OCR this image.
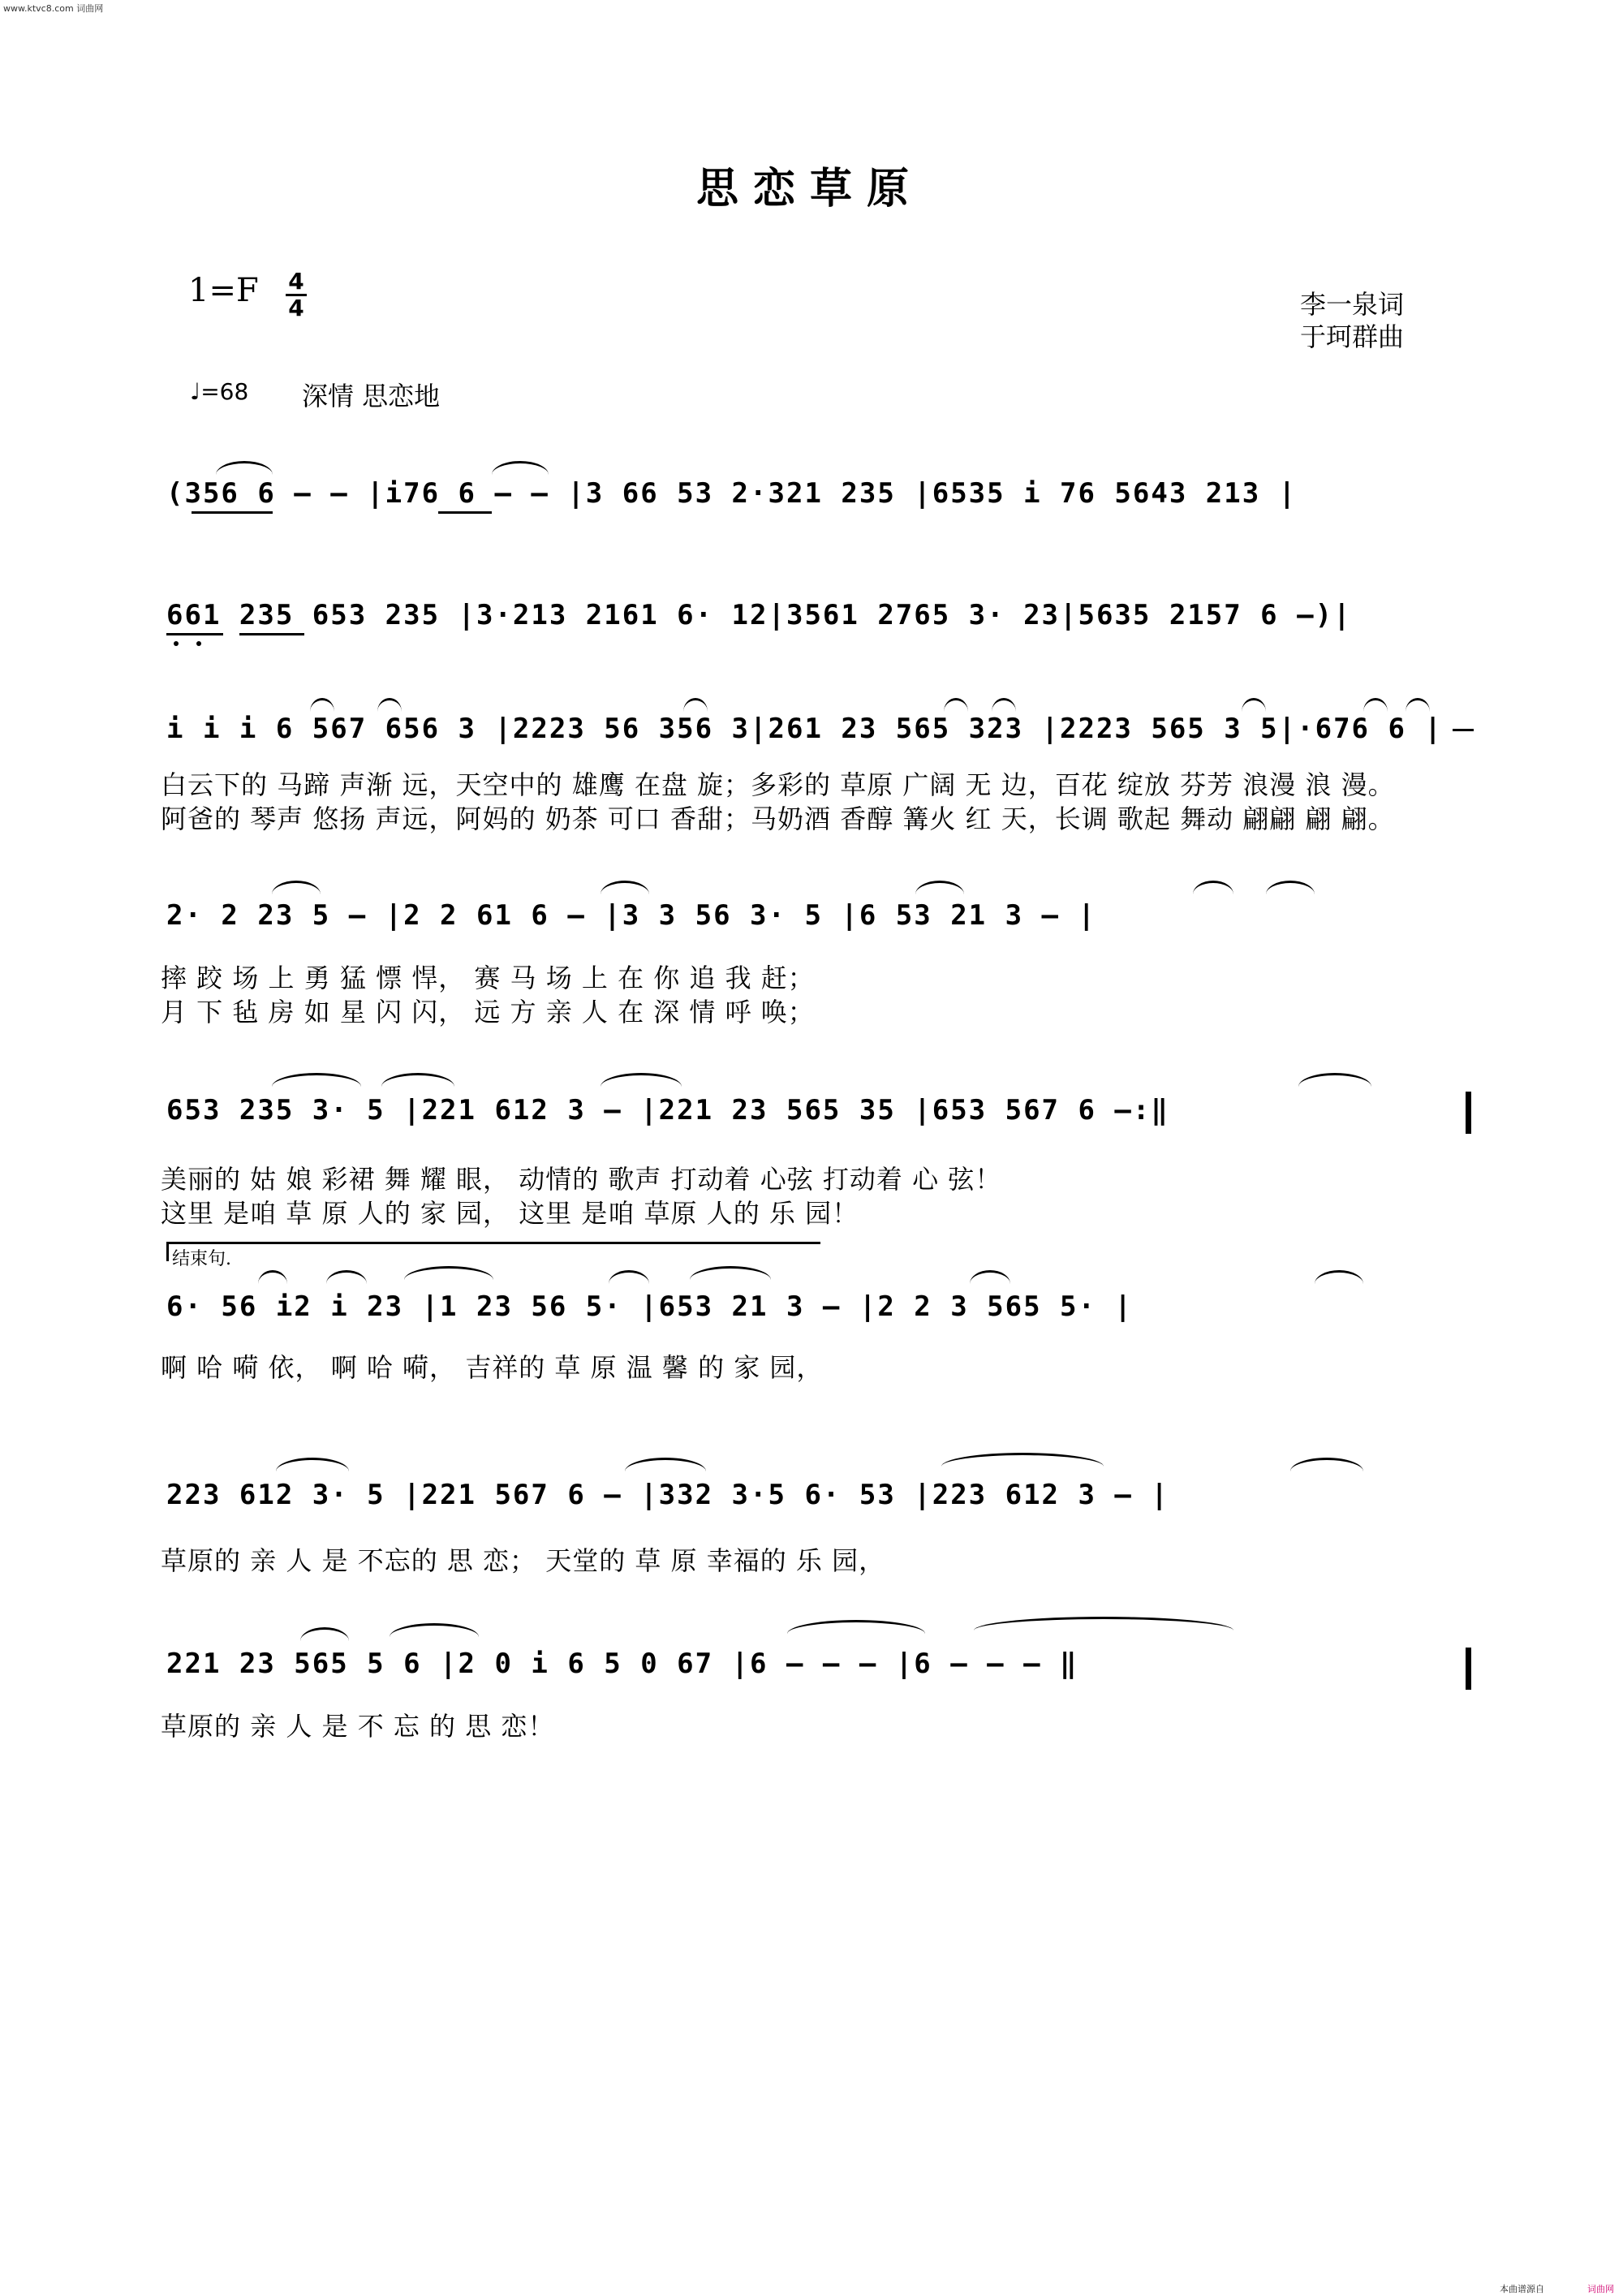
www.ktvc8.com 词曲网
思恋草原
1=F 4
4	李一泉词
于珂群曲
♩=68 深情 思恋地
(356 6 – – |i76 6 – – |3 66 53 2·321 235 |6535 i 76 5643 213 |
661 235 653 235 |3·213 2161 6· 12|3561 2765 3· 23|5635 2157 6 –)|
i i i 6 567 656 3 |2223 56 356 3|261 23 565 323 |2223 565 3 5|·676 6 |
白云下的 马蹄 声渐 远，天空中的 雄鹰 在盘 旋；多彩的 草原 广阔 无 边，百花 绽放 芬芳 浪漫 浪 漫。
阿爸的 琴声 悠扬 声远，阿妈的 奶茶 可口 香甜；马奶酒 香醇 篝火 红 天，长调 歌起 舞动 翩翩 翩 翩。
2· 2 23 5 – |2 2 61 6 – |3 3 56 3· 5 |6 53 21 3 – |
摔 跤 场 上 勇 猛 慓 悍， 赛 马 场 上 在 你 追 我 赶；
月 下 毡 房 如 星 闪 闪， 远 方 亲 人 在 深 情 呼 唤；
653 235 3· 5 |221 612 3 – |221 23 565 35 |653 567 6 –:‖
美丽的 姑 娘 彩裙 舞 耀 眼， 动情的 歌声 打动着 心弦 打动着 心 弦！
这里 是咱 草 原 人的 家 园， 这里 是咱 草原 人的 乐 园！
结束句.
6· 56 i2 i 23 |1 23 56 5· |653 21 3 – |2 2 3 565 5· |
啊 哈 嗬 依， 啊 哈 嗬， 吉祥的 草 原 温 馨 的 家 园，
223 612 3· 5 |221 567 6 – |332 3·5 6· 53 |223 612 3 – |
草原的 亲 人 是 不忘的 思 恋； 天堂的 草 原 幸福的 乐 园，
221 23 565 5 6 |2 0 i 6 5 0 67 |6 – – – |6 – – – ‖
草原的 亲 人 是 不 忘 的 思 恋！
本曲谱源自	词曲网
